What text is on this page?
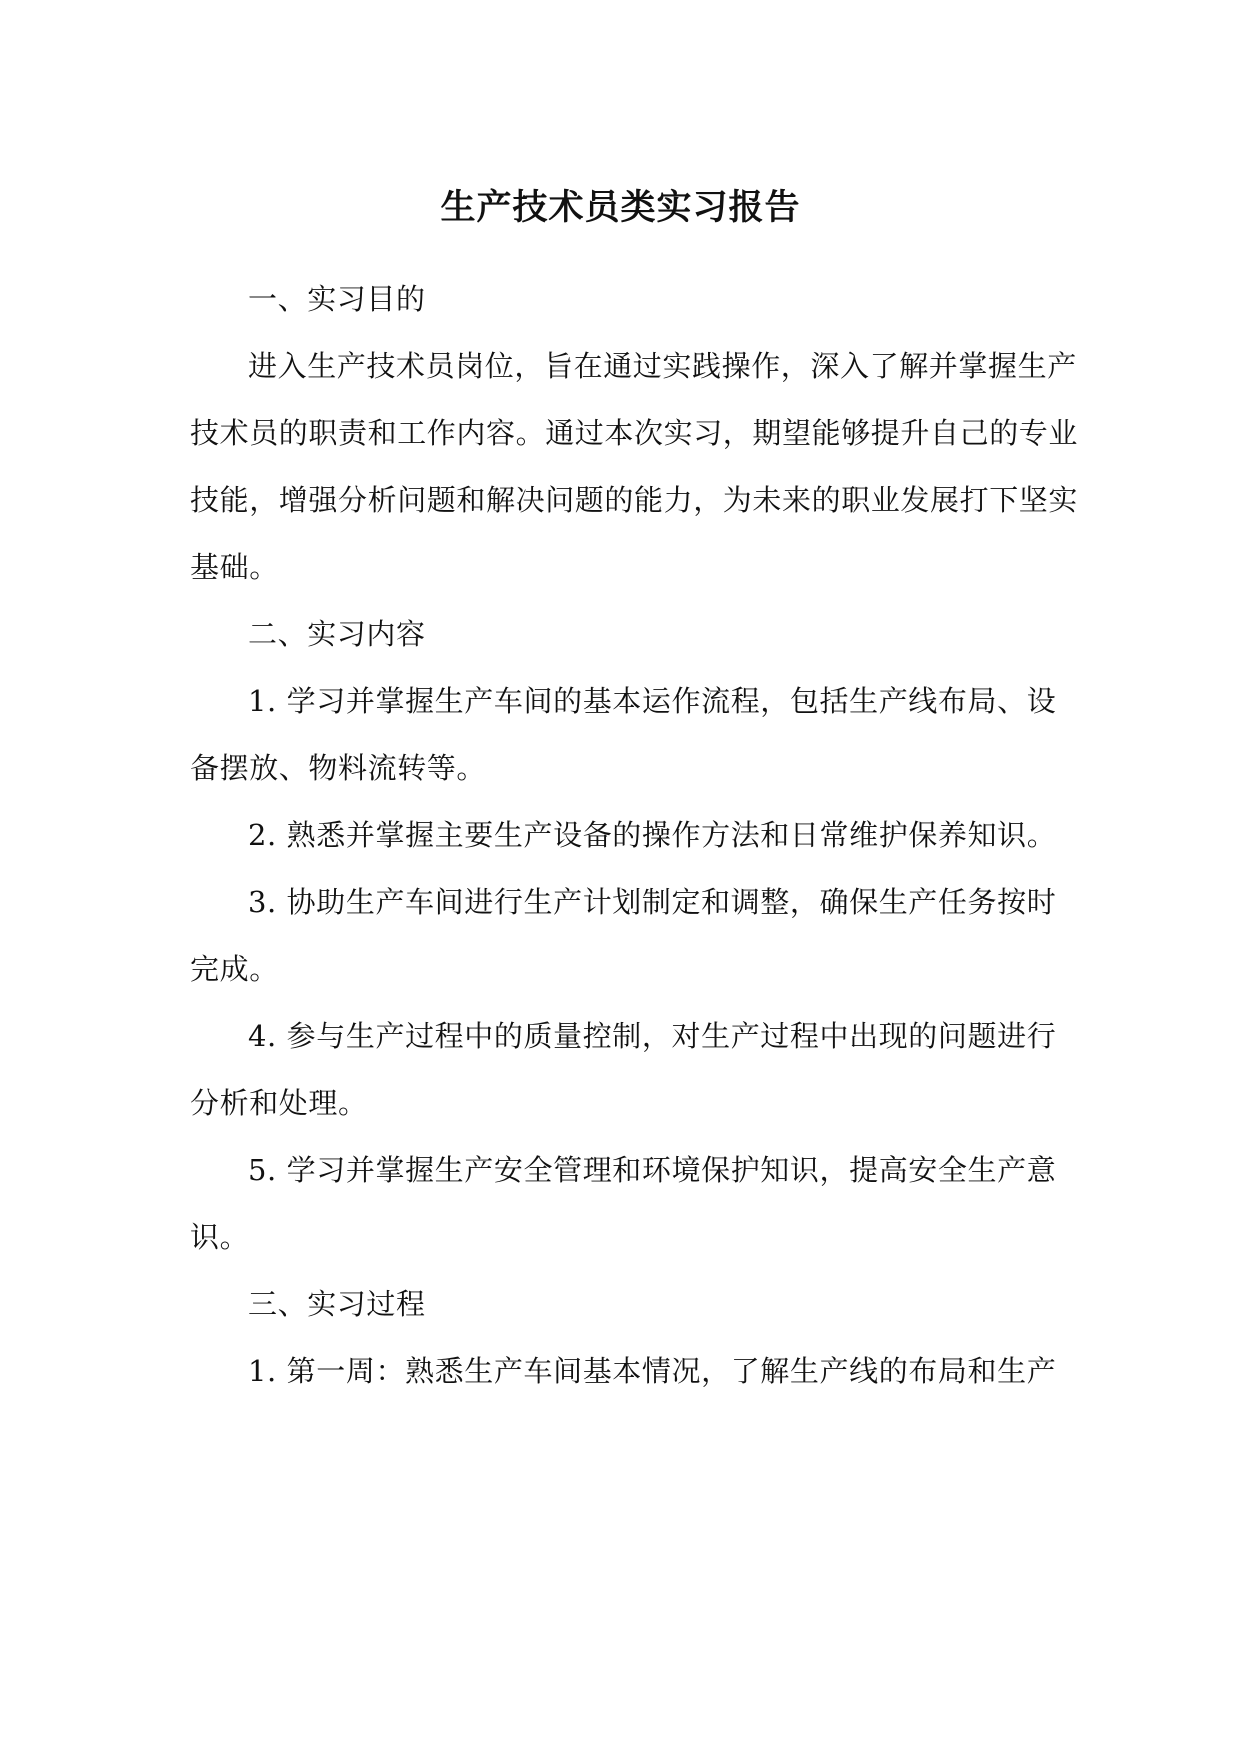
生产技术员类实习报告
一、实习目的
进入生产技术员岗位，旨在通过实践操作，深入了解并掌握生产
技术员的职责和工作内容。通过本次实习，期望能够提升自己的专业
技能，增强分析问题和解决问题的能力，为未来的职业发展打下坚实
基础。
二、实习内容
1. 学习并掌握生产车间的基本运作流程，包括生产线布局、设
备摆放、物料流转等。
2. 熟悉并掌握主要生产设备的操作方法和日常维护保养知识。
3. 协助生产车间进行生产计划制定和调整，确保生产任务按时
完成。
4. 参与生产过程中的质量控制，对生产过程中出现的问题进行
分析和处理。
5. 学习并掌握生产安全管理和环境保护知识，提高安全生产意
识。
三、实习过程
1. 第一周：熟悉生产车间基本情况，了解生产线的布局和生产
